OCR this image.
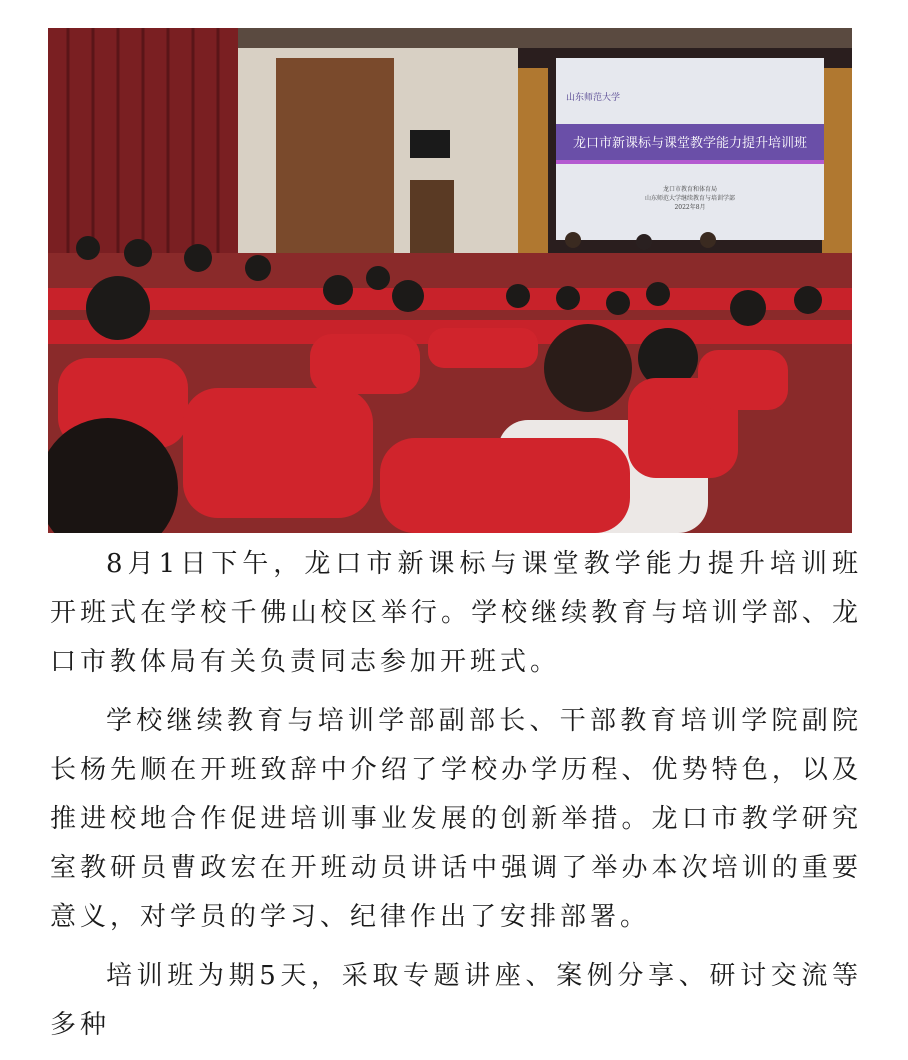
山东师范大学
龙口市新课标与课堂教学能力提升培训班
龙口市教育和体育局
山东师范大学继续教育与培训学部
2022年8月

8月1日下午，龙口市新课标与课堂教学能力提升培训班开班式在学校千佛山校区举行。学校继续教育与培训学部、龙口市教体局有关负责同志参加开班式。

学校继续教育与培训学部副部长、干部教育培训学院副院长杨先顺在开班致辞中介绍了学校办学历程、优势特色，以及推进校地合作促进培训事业发展的创新举措。龙口市教学研究室教研员曹政宏在开班动员讲话中强调了举办本次培训的重要意义，对学员的学习、纪律作出了安排部署。

培训班为期5天，采取专题讲座、案例分享、研讨交流等多种
